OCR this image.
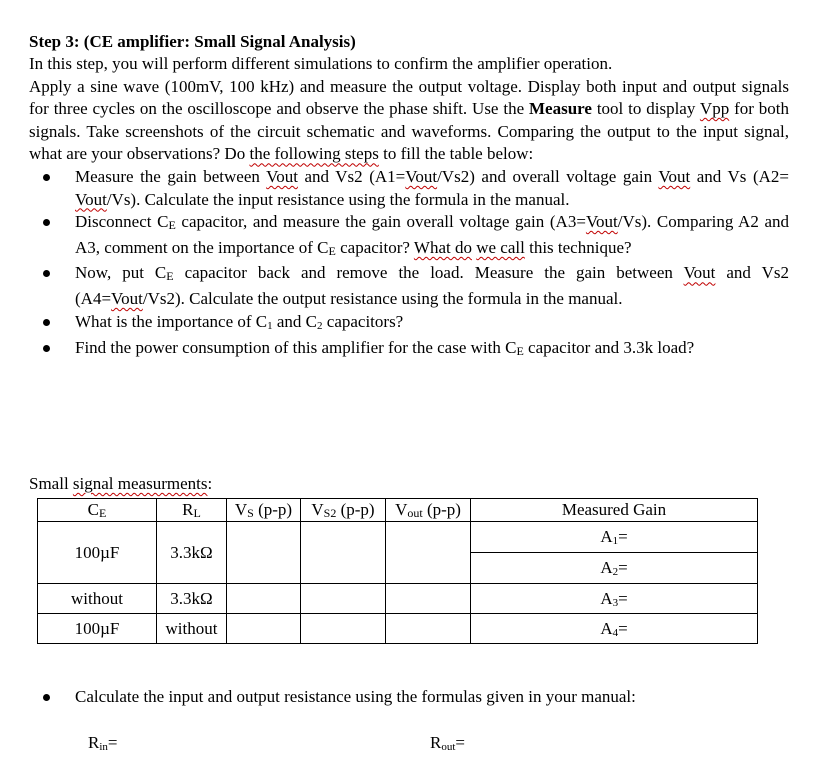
Step 3: (CE amplifier: Small Signal Analysis)
In this step, you will perform different simulations to confirm the amplifier operation.
Apply a sine wave (100mV, 100 kHz) and measure the output voltage. Display both input and output signals for three cycles on the oscilloscope and observe the phase shift. Use the Measure tool to display Vpp for both signals. Take screenshots of the circuit schematic and waveforms. Comparing the output to the input signal, what are your observations? Do the following steps to fill the table below:
Measure the gain between Vout and Vs2 (A1=Vout/Vs2) and overall voltage gain Vout and Vs (A2= Vout/Vs). Calculate the input resistance using the formula in the manual.
Disconnect CE capacitor, and measure the gain overall voltage gain (A3=Vout/Vs). Comparing A2 and A3, comment on the importance of CE capacitor? What do we call this technique?
Now, put CE capacitor back and remove the load. Measure the gain between Vout and Vs2 (A4=Vout/Vs2). Calculate the output resistance using the formula in the manual.
What is the importance of C1 and C2 capacitors?
Find the power consumption of this amplifier for the case with CE capacitor and 3.3k load?
Small signal measurments:
CE	RL	VS (p-p)	VS2 (p-p)	Vout (p-p)	Measured Gain
100µF	3.3kΩ				A1=
					A2=
without	3.3kΩ				A3=
100µF	without				A4=
Calculate the input and output resistance using the formulas given in your manual:
Rin=	Rout=
